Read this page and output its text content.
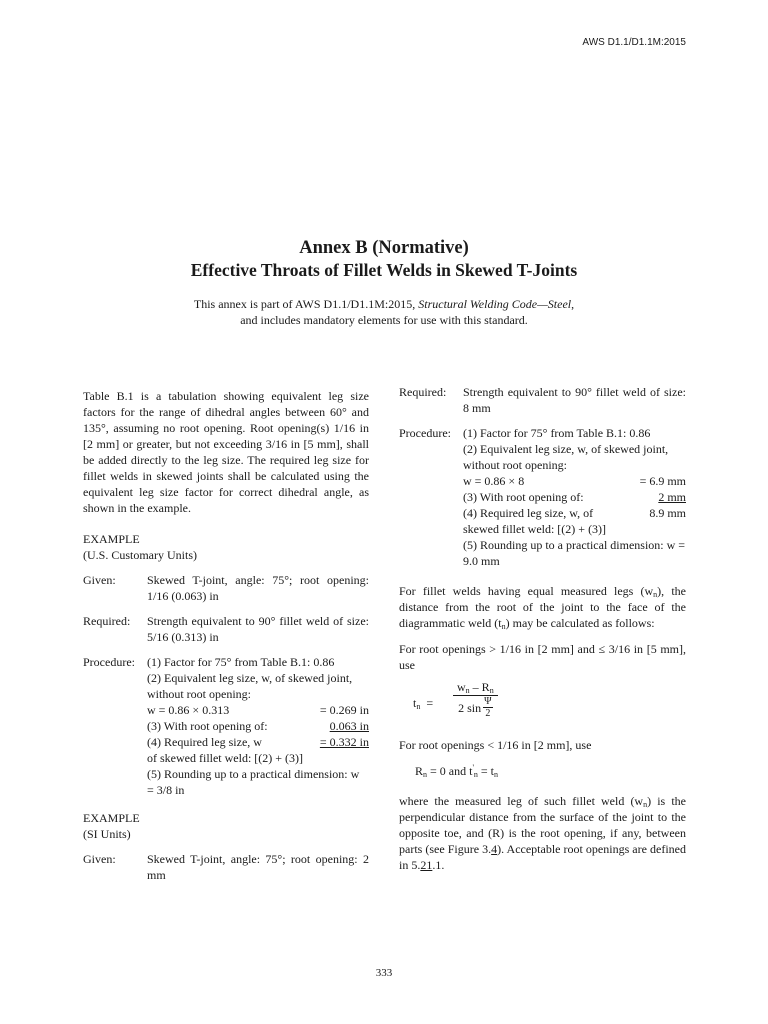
AWS D1.1/D1.1M:2015
Annex B (Normative)
Effective Throats of Fillet Welds in Skewed T-Joints
This annex is part of AWS D1.1/D1.1M:2015, Structural Welding Code—Steel,
and includes mandatory elements for use with this standard.

Table B.1 is a tabulation showing equivalent leg size factors for the range of dihedral angles between 60° and 135°, assuming no root opening. Root opening(s) 1/16 in [2 mm] or greater, but not exceeding 3/16 in [5 mm], shall be added directly to the leg size. The required leg size for fillet welds in skewed joints shall be calculated using the equivalent leg size factor for correct dihedral angle, as shown in the example.

EXAMPLE
(U.S. Customary Units)
Given:	Skewed T-joint, angle: 75°; root opening: 1/16 (0.063) in
Required:	Strength equivalent to 90° fillet weld of size: 5/16 (0.313) in
Procedure:	(1) Factor for 75° from Table B.1: 0.86
(2) Equivalent leg size, w, of skewed joint, without root opening:
w = 0.86 × 0.313	= 0.269 in
(3) With root opening of:	0.063 in
(4) Required leg size, w	= 0.332 in
of skewed fillet weld: [(2) + (3)]
(5) Rounding up to a practical dimension: w = 3/8 in
EXAMPLE
(SI Units)
Given:	Skewed T-joint, angle: 75°; root opening: 2 mm
Required:	Strength equivalent to 90° fillet weld of size: 8 mm
Procedure:	(1) Factor for 75° from Table B.1: 0.86
(2) Equivalent leg size, w, of skewed joint, without root opening:
w = 0.86 × 8	= 6.9 mm
(3) With root opening of:	2 mm
(4) Required leg size, w, of	8.9 mm
skewed fillet weld: [(2) + (3)]
(5) Rounding up to a practical dimension: w = 9.0 mm

For fillet welds having equal measured legs $(w_n)$, the distance from the root of the joint to the face of the diagrammatic weld $(t_n)$ may be calculated as follows:

For root openings > 1/16 in [2 mm] and ≤ 3/16 in [5 mm], use

$t_n = \frac{w_n - R_n}{2 \sin \frac{\Psi}{2}}$

For root openings < 1/16 in [2 mm], use

$R_n = 0$ and $t'_n = t_n$

where the measured leg of such fillet weld $(w_n)$ is the perpendicular distance from the surface of the joint to the opposite toe, and (R) is the root opening, if any, between parts (see Figure 3.4). Acceptable root openings are defined in 5.21.1.

333
